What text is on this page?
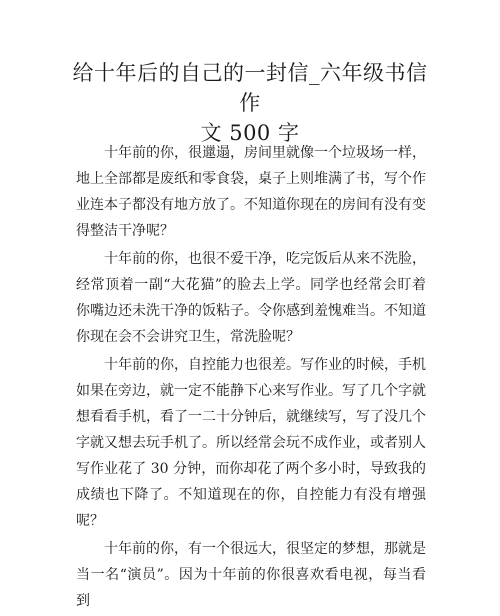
给十年后的自己的一封信_六年级书信作
文 500 字

十年前的你，很邋遢，房间里就像一个垃圾场一样，地上全部都是废纸和零食袋，桌子上则堆满了书，写个作业连本子都没有地方放了。不知道你现在的房间有没有变得整洁干净呢？

十年前的你，也很不爱干净，吃完饭后从来不洗脸，经常顶着一副“大花猫”的脸去上学。同学也经常会盯着你嘴边还未洗干净的饭粘子。令你感到羞愧难当。不知道你现在会不会讲究卫生，常洗脸呢？

十年前的你，自控能力也很差。写作业的时候，手机如果在旁边，就一定不能静下心来写作业。写了几个字就想看看手机，看了一二十分钟后，就继续写，写了没几个字就又想去玩手机了。所以经常会玩不成作业，或者别人写作业花了 30 分钟，而你却花了两个多小时，导致我的成绩也下降了。不知道现在的你，自控能力有没有增强呢？

十年前的你，有一个很远大，很坚定的梦想，那就是当一名“演员”。因为十年前的你很喜欢看电视，每当看到
